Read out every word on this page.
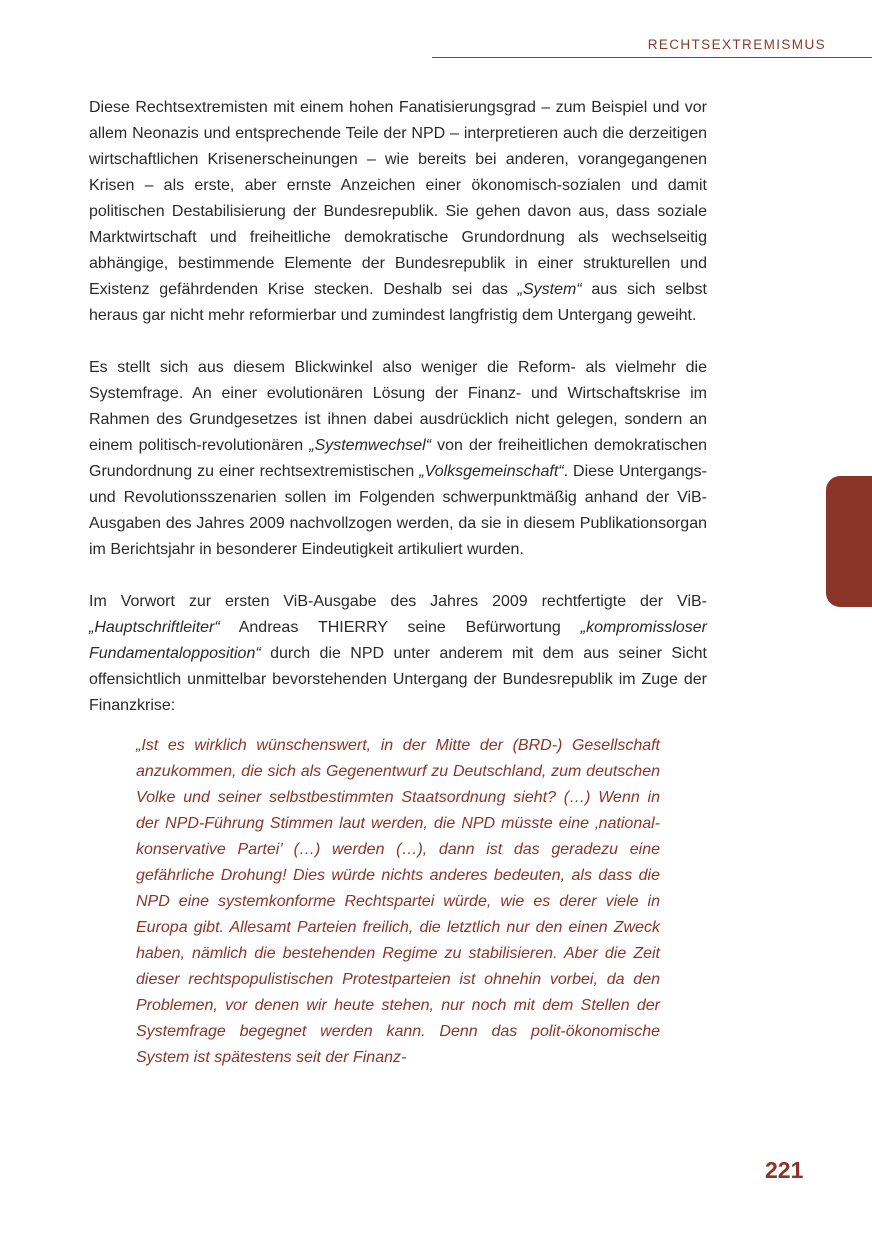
RECHTSEXTREMISMUS

Diese Rechtsextremisten mit einem hohen Fanatisierungsgrad – zum Beispiel und vor allem Neonazis und entsprechende Teile der NPD – interpretieren auch die derzeitigen wirtschaftlichen Krisenerscheinungen – wie bereits bei anderen, vorangegangenen Krisen – als erste, aber ernste Anzeichen einer ökonomisch-sozialen und damit politischen Destabilisierung der Bundesrepublik. Sie gehen davon aus, dass soziale Marktwirtschaft und freiheitliche demokratische Grundordnung als wechselseitig abhängige, bestimmende Elemente der Bundesrepublik in einer strukturellen und Existenz gefährdenden Krise stecken. Deshalb sei das „System“ aus sich selbst heraus gar nicht mehr reformierbar und zumindest langfristig dem Untergang geweiht.

Es stellt sich aus diesem Blickwinkel also weniger die Reform- als vielmehr die Systemfrage. An einer evolutionären Lösung der Finanz- und Wirtschaftskrise im Rahmen des Grundgesetzes ist ihnen dabei ausdrücklich nicht gelegen, sondern an einem politisch-revolutionären „Systemwechsel“ von der freiheitlichen demokratischen Grundordnung zu einer rechtsextremistischen „Volksgemeinschaft“. Diese Untergangs- und Revolutionsszenarien sollen im Folgenden schwerpunktmäßig anhand der ViB-Ausgaben des Jahres 2009 nachvollzogen werden, da sie in diesem Publikationsorgan im Berichtsjahr in besonderer Eindeutigkeit artikuliert wurden.

Im Vorwort zur ersten ViB-Ausgabe des Jahres 2009 rechtfertigte der ViB-„Hauptschriftleiter“ Andreas THIERRY seine Befürwortung „kompromissloser Fundamentalopposition“ durch die NPD unter anderem mit dem aus seiner Sicht offensichtlich unmittelbar bevorstehenden Untergang der Bundesrepublik im Zuge der Finanzkrise:

„Ist es wirklich wünschenswert, in der Mitte der (BRD-) Gesellschaft anzukommen, die sich als Gegenentwurf zu Deutschland, zum deutschen Volke und seiner selbstbestimmten Staatsordnung sieht? (…) Wenn in der NPD-Führung Stimmen laut werden, die NPD müsste eine ‚national-konservative Partei’ (…) werden (…), dann ist das geradezu eine gefährliche Drohung! Dies würde nichts anderes bedeuten, als dass die NPD eine systemkonforme Rechtspartei würde, wie es derer viele in Europa gibt. Allesamt Parteien freilich, die letztlich nur den einen Zweck haben, nämlich die bestehenden Regime zu stabilisieren. Aber die Zeit dieser rechtspopulistischen Protestparteien ist ohnehin vorbei, da den Problemen, vor denen wir heute stehen, nur noch mit dem Stellen der Systemfrage begegnet werden kann. Denn das polit-ökonomische System ist spätestens seit der Finanz-

221
